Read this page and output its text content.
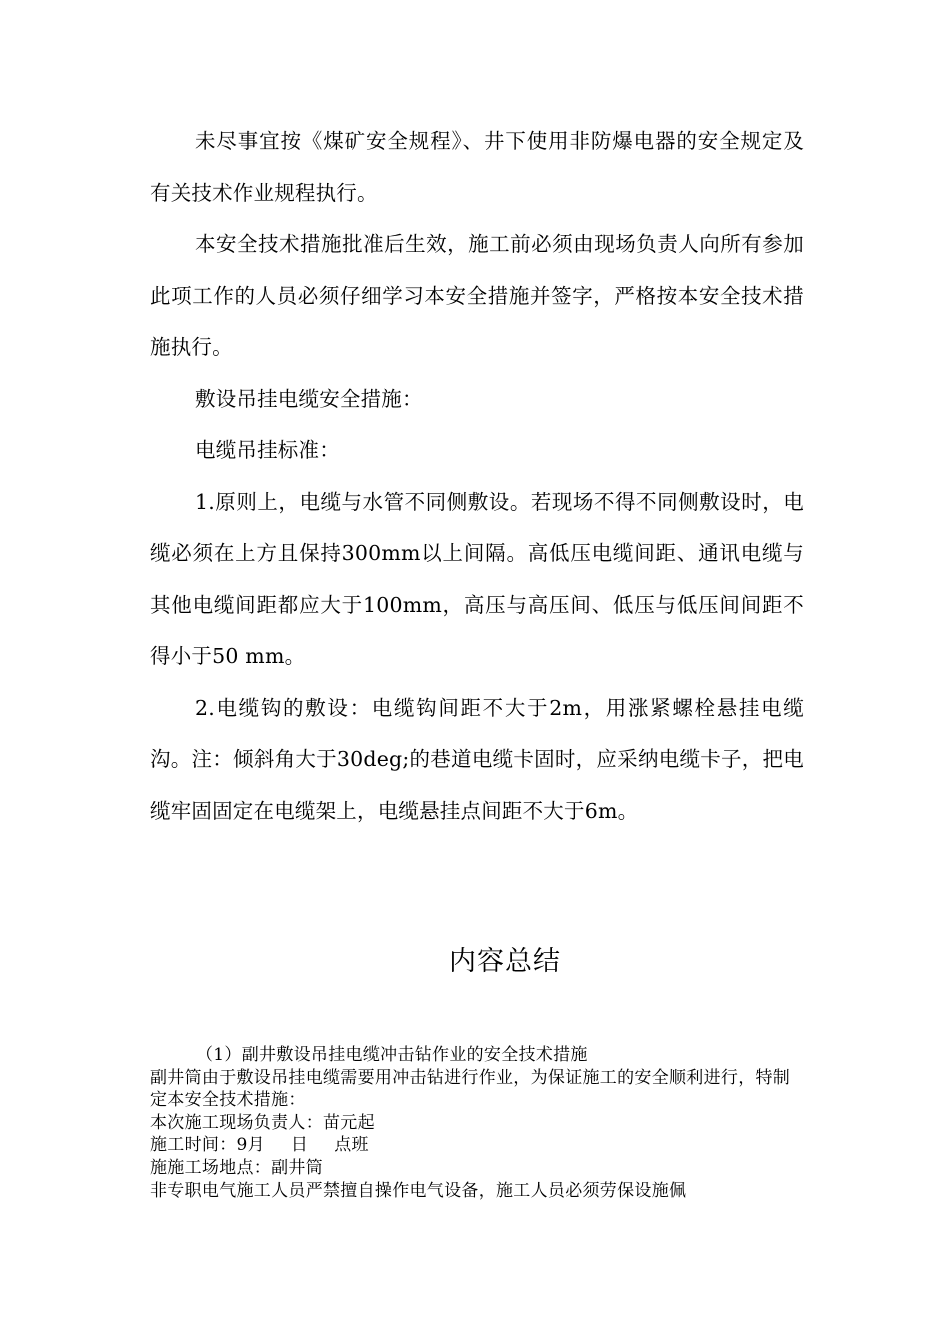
未尽事宜按《煤矿安全规程》、井下使用非防爆电器的安全规定及有关技术作业规程执行。

本安全技术措施批准后生效，施工前必须由现场负责人向所有参加此项工作的人员必须仔细学习本安全措施并签字，严格按本安全技术措施执行。

敷设吊挂电缆安全措施：

电缆吊挂标准：

1.原则上，电缆与水管不同侧敷设。若现场不得不同侧敷设时，电缆必须在上方且保持300mm以上间隔。高低压电缆间距、通讯电缆与其他电缆间距都应大于100mm，高压与高压间、低压与低压间间距不得小于50 mm。

2.电缆钩的敷设：电缆钩间距不大于2m，用涨紧螺栓悬挂电缆沟。注：倾斜角大于30deg;的巷道电缆卡固时，应采纳电缆卡子，把电缆牢固固定在电缆架上，电缆悬挂点间距不大于6m。

内容总结

（1）副井敷设吊挂电缆冲击钻作业的安全技术措施

副井筒由于敷设吊挂电缆需要用冲击钻进行作业，为保证施工的安全顺利进行，特制定本安全技术措施：

本次施工现场负责人：苗元起

施工时间：9月 日 点班

施施工场地点：副井筒

非专职电气施工人员严禁擅自操作电气设备，施工人员必须劳保设施佩
